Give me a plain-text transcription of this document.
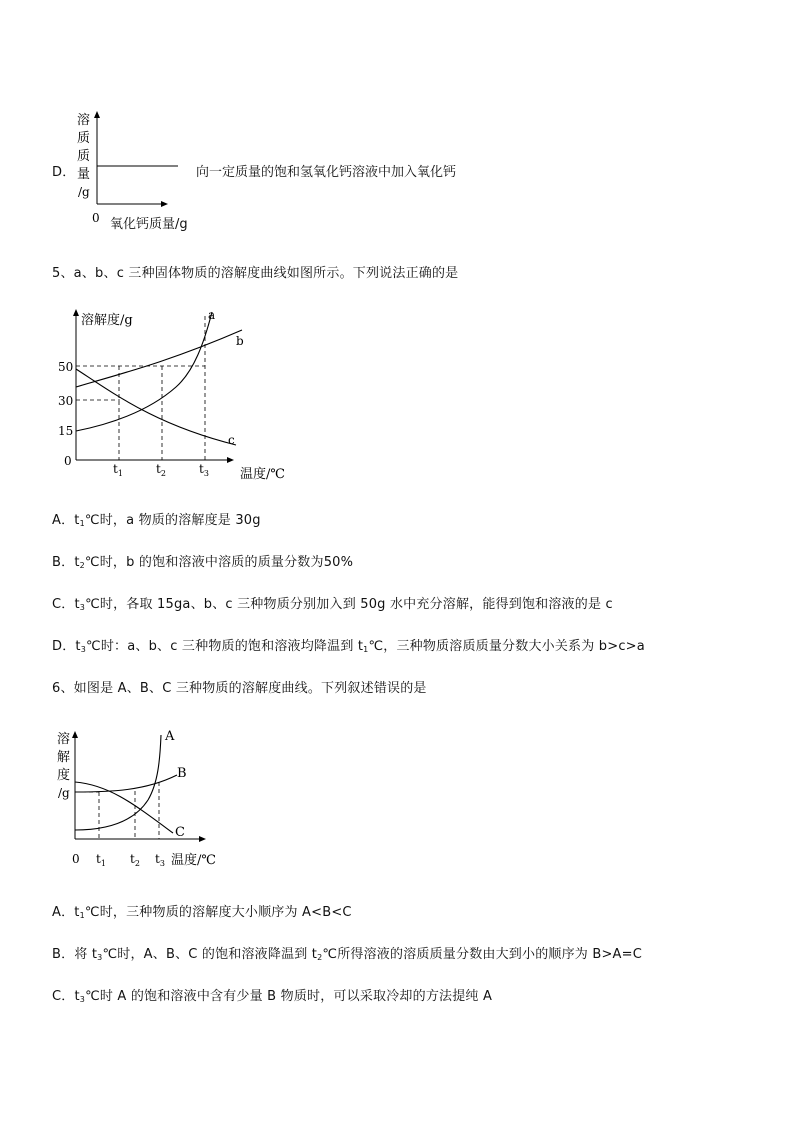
D．
溶
质
质
量
/g
0 氧化钙质量/g
向一定质量的饱和氢氧化钙溶液中加入氧化钙
5、a、b、c 三种固体物质的溶解度曲线如图所示。下列说法正确的是
溶解度/g
50
30
15
0
$t_1$	$t_2$	$t_3$ 温度/℃
a
b
c
A．$t_1℃$时，a 物质的溶解度是 30g
B．$t_2℃$时，b 的饱和溶液中溶质的质量分数为50%
C．$t_3℃$时，各取 15ga、b、c 三种物质分别加入到 50g 水中充分溶解，能得到饱和溶液的是 c
D．$t_3℃$时：a、b、c 三种物质的饱和溶液均降温到 $t_1℃$，三种物质溶质质量分数大小关系为 b>c>a
6、如图是 A、B、C 三种物质的溶解度曲线。下列叙述错误的是
溶
解
度
/g
A
B
C
0 $t_1$ $t_2$ $t_3$ 温度/℃
A．$t_1℃$时，三种物质的溶解度大小顺序为 A<B<C
B．将 $t_3℃$时，A、B、C 的饱和溶液降温到 $t_2℃$所得溶液的溶质质量分数由大到小的顺序为 B>A=C
C．$t_3℃$时 A 的饱和溶液中含有少量 B 物质时，可以采取冷却的方法提纯 A
